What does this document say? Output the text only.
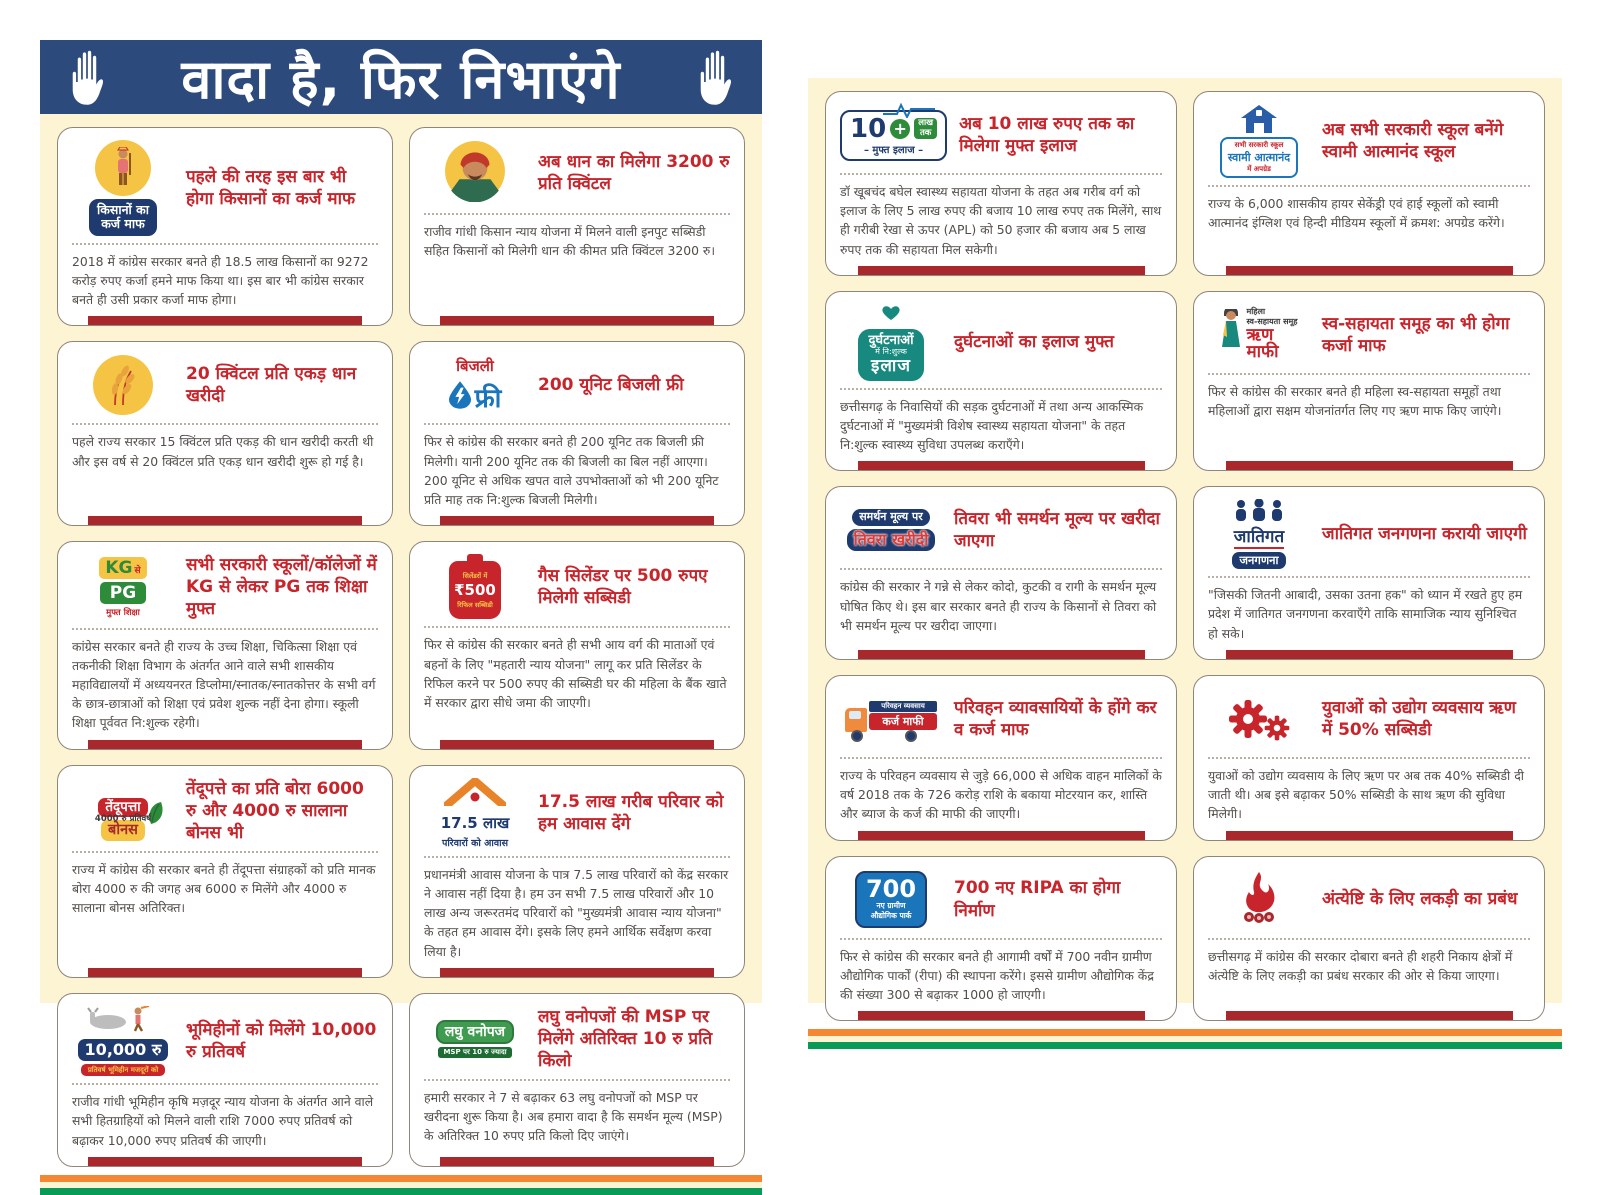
वादा है, फिर निभाएंगे
किसानों का
कर्ज माफ
पहले की तरह इस बार भी होगा किसानों का कर्ज माफ

2018 में कांग्रेस सरकार बनते ही 18.5 लाख किसानों का 9272 करोड़ रुपए कर्जा हमने माफ किया था। इस बार भी कांग्रेस सरकार बनते ही उसी प्रकार कर्जा माफ होगा।

अब धान का मिलेगा 3200 रु प्रति क्विंटल

राजीव गांधी किसान न्याय योजना में मिलने वाली इनपुट सब्सिडी सहित किसानों को मिलेगी धान की कीमत प्रति क्विंटल 3200 रु।

20 क्विंटल प्रति एकड़ धान खरीदी

पहले राज्य सरकार 15 क्विंटल प्रति एकड़ की धान खरीदी करती थी और इस वर्ष से 20 क्विंटल प्रति एकड़ धान खरीदी शुरू हो गई है।

बिजली
फ्री 200 यूनिट बिजली फ्री

फिर से कांग्रेस की सरकार बनते ही 200 यूनिट तक बिजली फ्री मिलेगी। यानी 200 यूनिट तक की बिजली का बिल नहीं आएगा। 200 यूनिट से अधिक खपत वाले उपभोक्ताओं को भी 200 यूनिट प्रति माह तक नि:शुल्क बिजली मिलेगी।

KG से
PG
मुफ्त शिक्षा
सभी सरकारी स्कूलों/कॉलेजों में KG से लेकर PG तक शिक्षा मुफ्त

कांग्रेस सरकार बनते ही राज्य के उच्च शिक्षा, चिकित्सा शिक्षा एवं तकनीकी शिक्षा विभाग के अंतर्गत आने वाले सभी शासकीय महाविद्यालयों में अध्ययनरत डिप्लोमा/स्नातक/स्नातकोत्तर के सभी वर्ग के छात्र-छात्राओं को शिक्षा एवं प्रवेश शुल्क नहीं देना होगा। स्कूली शिक्षा पूर्ववत नि:शुल्क रहेगी।

सिलेंडरों में
₹500
रिफिल सब्सिडी
गैस सिलेंडर पर 500 रुपए मिलेगी सब्सिडी

फिर से कांग्रेस की सरकार बनते ही सभी आय वर्ग की माताओं एवं बहनों के लिए "महतारी न्याय योजना" लागू कर प्रति सिलेंडर के रिफिल करने पर 500 रुपए की सब्सिडी घर की महिला के बैंक खाते में सरकार द्वारा सीधे जमा की जाएगी।

तेंदूपत्ता
बोनस
4000 रु प्रतिवर्ष
तेंदूपत्ते का प्रति बोरा 6000 रु और 4000 रु सालाना बोनस भी

राज्य में कांग्रेस की सरकार बनते ही तेंदूपत्ता संग्राहकों को प्रति मानक बोरा 4000 रु की जगह अब 6000 रु मिलेंगे और 4000 रु सालाना बोनस अतिरिक्त।

17.5 लाख
परिवारों को आवास
17.5 लाख गरीब परिवार को हम आवास देंगे

प्रधानमंत्री आवास योजना के पात्र 7.5 लाख परिवारों को केंद्र सरकार ने आवास नहीं दिया है। हम उन सभी 7.5 लाख परिवारों और 10 लाख अन्य जरूरतमंद परिवारों को "मुख्यमंत्री आवास न्याय योजना" के तहत हम आवास देंगे। इसके लिए हमने आर्थिक सर्वेक्षण करवा लिया है।

10,000 रु
प्रतिवर्ष भूमिहीन मजदूरों को
भूमिहीनों को मिलेंगे 10,000 रु प्रतिवर्ष

राजीव गांधी भूमिहीन कृषि मज़दूर न्याय योजना के अंतर्गत आने वाले सभी हितग्राहियों को मिलने वाली राशि 7000 रुपए प्रतिवर्ष को बढ़ाकर 10,000 रुपए प्रतिवर्ष की जाएगी।

लघु वनोपज
MSP पर 10 रु ज्यादा
लघु वनोपजों की MSP पर मिलेंगे अतिरिक्त 10 रु प्रति किलो

हमारी सरकार ने 7 से बढ़ाकर 63 लघु वनोपजों को MSP पर खरीदना शुरू किया है। अब हमारा वादा है कि समर्थन मूल्य (MSP) के अतिरिक्त 10 रुपए प्रति किलो दिए जाएंगे।

10 +	लाख
तक
– मुफ्त इलाज –
अब 10 लाख रुपए तक का मिलेगा मुफ्त इलाज

डॉ खूबचंद बघेल स्वास्थ्य सहायता योजना के तहत अब गरीब वर्ग को इलाज के लिए 5 लाख रुपए की बजाय 10 लाख रुपए तक मिलेंगे, साथ ही गरीबी रेखा से ऊपर (APL) को 50 हजार की बजाय अब 5 लाख रुपए तक की सहायता मिल सकेगी।

सभी सरकारी स्कूल
स्वामी आत्मानंद
में अपग्रेड
अब सभी सरकारी स्कूल बनेंगे स्वामी आत्मानंद स्कूल

राज्य के 6,000 शासकीय हायर सेकेंड्री एवं हाई स्कूलों को स्वामी आत्मानंद इंग्लिश एवं हिन्दी मीडियम स्कूलों में क्रमश: अपग्रेड करेंगे।

दुर्घटनाओं
में नि:शुल्क
इलाज
दुर्घटनाओं का इलाज मुफ्त

छत्तीसगढ़ के निवासियों की सड़क दुर्घटनाओं में तथा अन्य आकस्मिक दुर्घटनाओं में "मुख्यमंत्री विशेष स्वास्थ्य सहायता योजना" के तहत नि:शुल्क स्वास्थ्य सुविधा उपलब्ध कराएँगे।

महिला
स्व-सहायता समूह
ऋण
माफी
स्व-सहायता समूह का भी होगा कर्जा माफ

फिर से कांग्रेस की सरकार बनते ही महिला स्व-सहायता समूहों तथा महिलाओं द्वारा सक्षम योजनांतर्गत लिए गए ऋण माफ किए जाएंगे।

समर्थन मूल्य पर
तिवरा खरीदी
तिवरा भी समर्थन मूल्य पर खरीदा जाएगा

कांग्रेस की सरकार ने गन्ने से लेकर कोदो, कुटकी व रागी के समर्थन मूल्य घोषित किए थे। इस बार सरकार बनते ही राज्य के किसानों से तिवरा को भी समर्थन मूल्य पर खरीदा जाएगा।

जातिगत
जनगणना
जातिगत जनगणना करायी जाएगी

"जिसकी जितनी आबादी, उसका उतना हक" को ध्यान में रखते हुए हम प्रदेश में जातिगत जनगणना करवाएँगे ताकि सामाजिक न्याय सुनिश्चित हो सके।

परिवहन व्यवसाय
कर्ज माफी
परिवहन व्यावसायियों के होंगे कर व कर्ज माफ

राज्य के परिवहन व्यवसाय से जुड़े 66,000 से अधिक वाहन मालिकों के वर्ष 2018 तक के 726 करोड़ राशि के बकाया मोटरयान कर, शास्ति और ब्याज के कर्ज की माफी की जाएगी।

युवाओं को उद्योग व्यवसाय ऋण में 50% सब्सिडी

युवाओं को उद्योग व्यवसाय के लिए ऋण पर अब तक 40% सब्सिडी दी जाती थी। अब इसे बढ़ाकर 50% सब्सिडी के साथ ऋण की सुविधा मिलेगी।

700
नए ग्रामीण
औद्योगिक पार्क
700 नए RIPA का होगा निर्माण

फिर से कांग्रेस की सरकार बनते ही आगामी वर्षों में 700 नवीन ग्रामीण औद्योगिक पार्कों (रीपा) की स्थापना करेंगे। इससे ग्रामीण औद्योगिक केंद्र की संख्या 300 से बढ़ाकर 1000 हो जाएगी।

अंत्येष्टि के लिए लकड़ी का प्रबंध

छत्तीसगढ़ में कांग्रेस की सरकार दोबारा बनते ही शहरी निकाय क्षेत्रों में अंत्येष्टि के लिए लकड़ी का प्रबंध सरकार की ओर से किया जाएगा।
